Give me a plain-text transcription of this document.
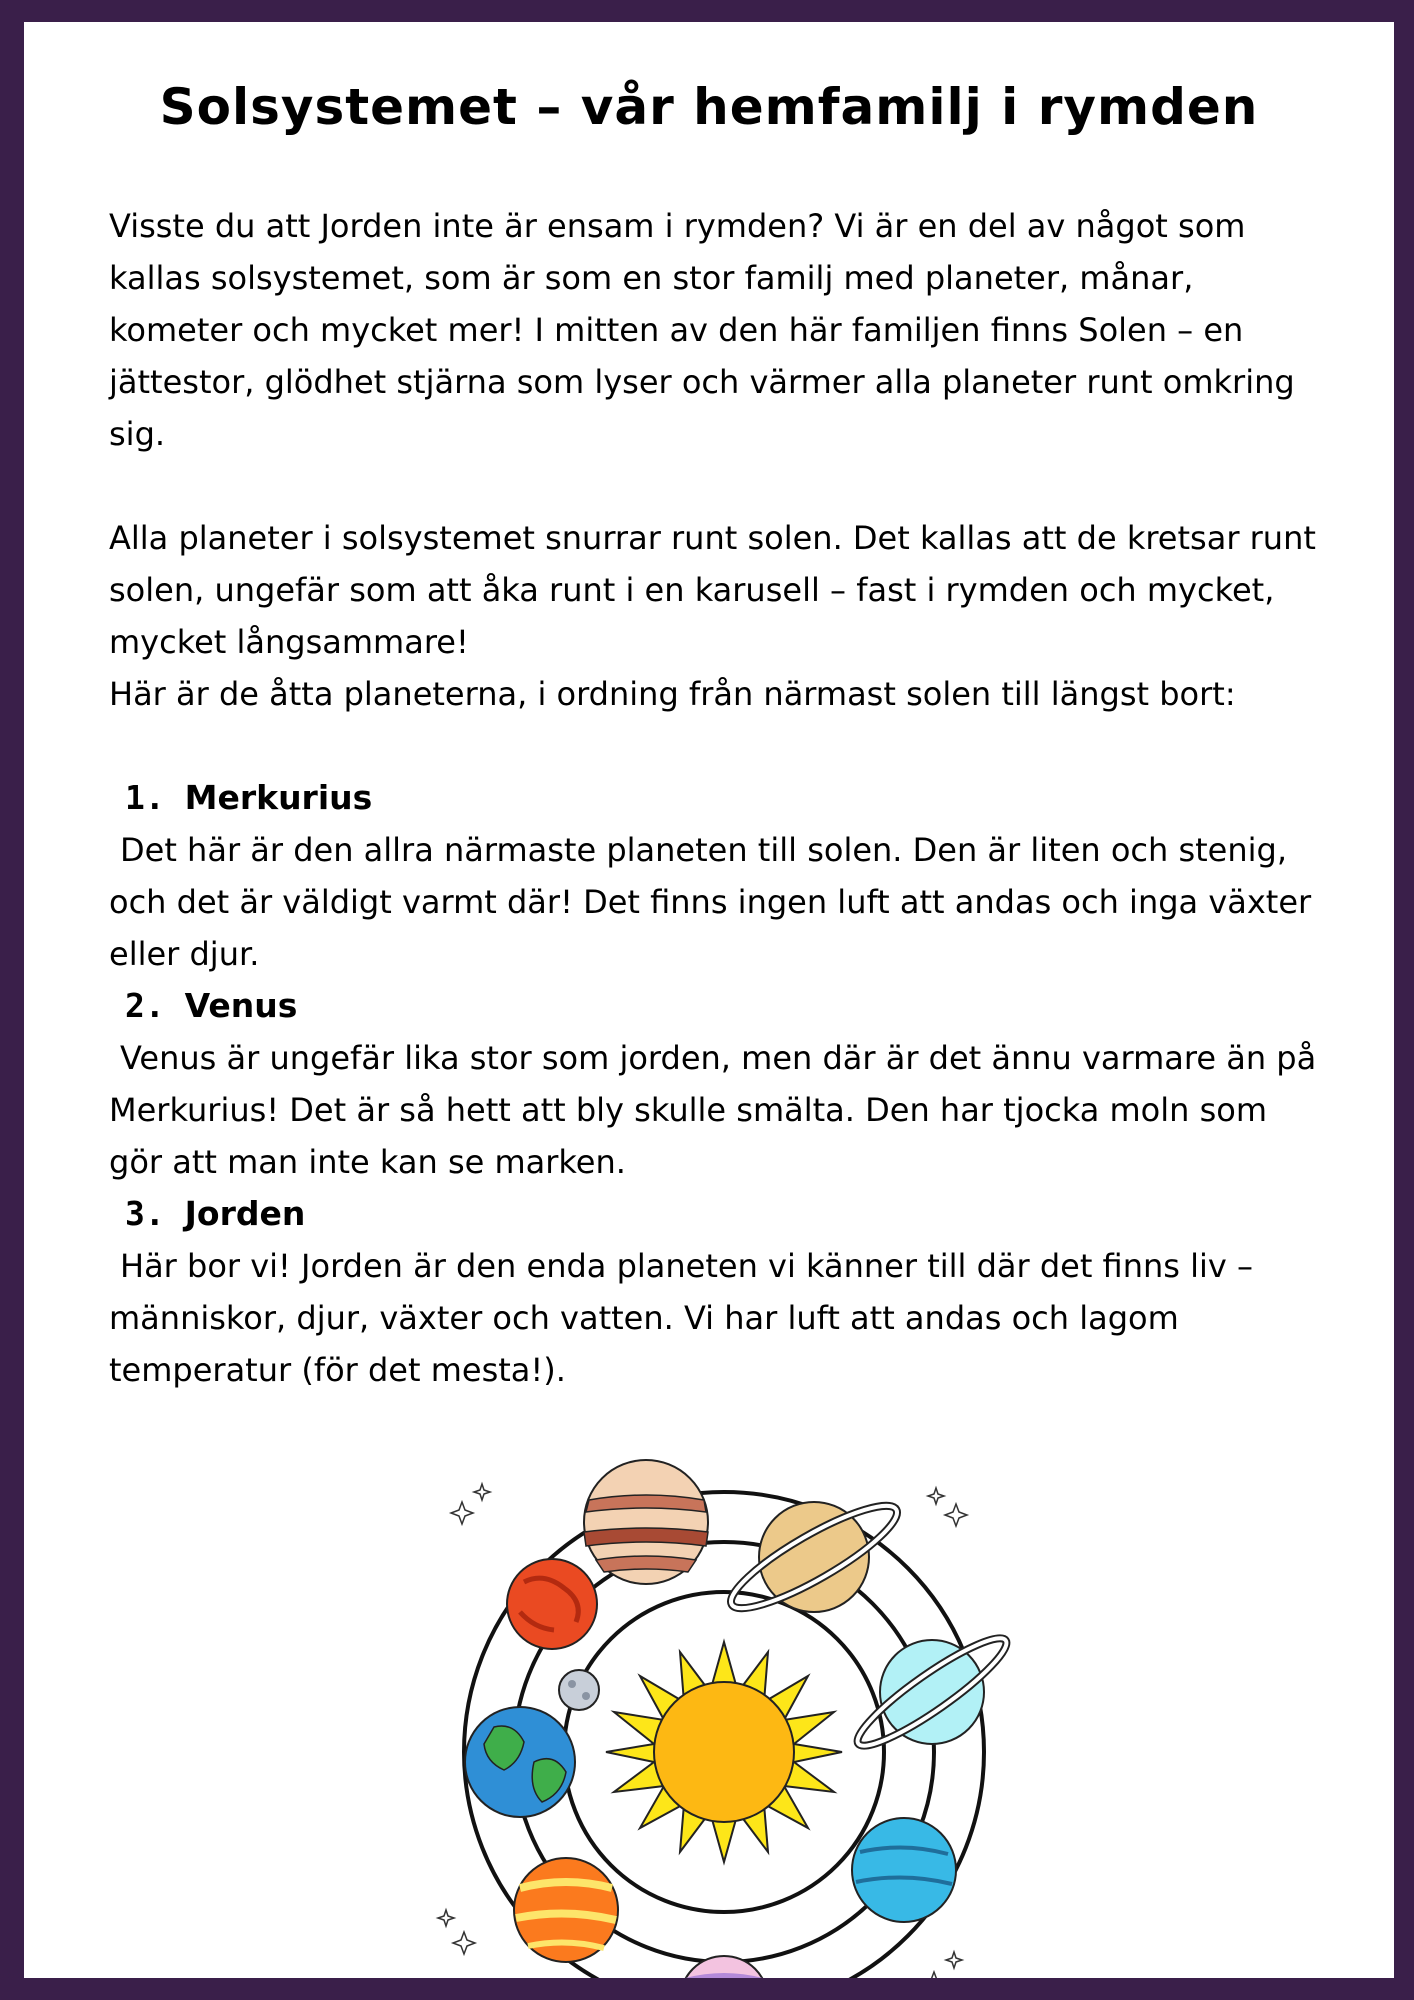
Solsystemet – vår hemfamilj i rymden

Visste du att Jorden inte är ensam i rymden? Vi är en del av något som kallas solsystemet, som är som en stor familj med planeter, månar, kometer och mycket mer! I mitten av den här familjen finns Solen – en jättestor, glödhet stjärna som lyser och värmer alla planeter runt omkring sig.

Alla planeter i solsystemet snurrar runt solen. Det kallas att de kretsar runt solen, ungefär som att åka runt i en karusell – fast i rymden och mycket, mycket långsammare!

Här är de åtta planeterna, i ordning från närmast solen till längst bort:

1. Merkurius

Det här är den allra närmaste planeten till solen. Den är liten och stenig, och det är väldigt varmt där! Det finns ingen luft att andas och inga växter eller djur.

2. Venus

Venus är ungefär lika stor som jorden, men där är det ännu varmare än på Merkurius! Det är så hett att bly skulle smälta. Den har tjocka moln som gör att man inte kan se marken.

3. Jorden

Här bor vi! Jorden är den enda planeten vi känner till där det finns liv – människor, djur, växter och vatten. Vi har luft att andas och lagom temperatur (för det mesta!).
